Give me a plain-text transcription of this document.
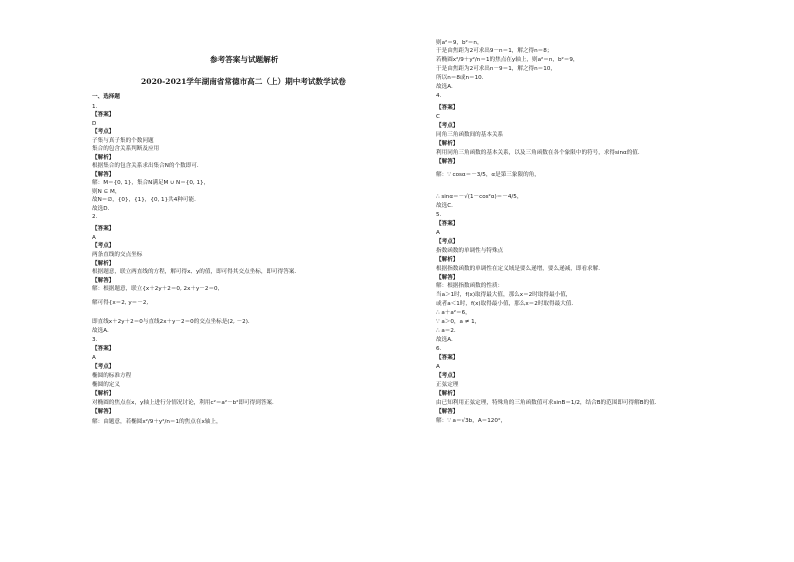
参考答案与试题解析
2020-2021学年湖南省常德市高二（上）期中考试数学试卷
一、选择题
1.
【答案】
D
【考点】
子集与真子集的个数问题
集合的包含关系判断及应用
【解析】
根据集合的包含关系求出集合N的个数即可．
【解答】
解：M＝{0, 1}，集合N满足M ∪ N＝{0, 1}，
则N ⊆ M，
故N＝∅，{0}，{1}，{0, 1}共4种可能．
故选D．
2.
【答案】
A
【考点】
两条直线的交点坐标
【解析】
根据题意，联立两直线的方程，解可得x、y的值，即可得其交点坐标，即可得答案．
【解答】
解：根据题意，联立{x＋2y＋2＝0, 2x＋y－2＝0,
解可得{x＝2, y＝－2,
即直线x＋2y＋2＝0与直线2x＋y－2＝0的交点坐标是(2, －2)．
故选A．
3.
【答案】
A
【考点】
椭圆的标准方程
椭圆的定义
【解析】
对椭圆的焦点在x，y轴上进行分情况讨论，利用c²＝a²－b²即可得到答案．
【解答】
解：由题意，若椭圆x²/9＋y²/n＝1的焦点在x轴上，
则a²＝9，b²＝n，
于是由焦距为2可求出9－n＝1，解之得n＝8；
若椭圆x²/9＋y²/n＝1的焦点在y轴上，则a²＝n，b²＝9，
于是由焦距为2可求出n－9＝1，解之得n＝10，
所以n＝8或n＝10．
故选A．
4.
【答案】
C
【考点】
同角三角函数间的基本关系
【解析】
利用同角三角函数的基本关系，以及三角函数在各个象限中的符号，求得sinα的值．
【解答】
解：∵ cosα＝－3/5，α是第三象限的角，
∴ sinα＝－√(1－cos²α)＝－4/5，
故选C．
5.
【答案】
A
【考点】
指数函数的单调性与特殊点
【解析】
根据指数函数的单调性在定义域是要么递增，要么递减，即看求解．
【解答】
解：根据指数函数的性质：
当a＞1时，f(x)取得最大值，那么x＝2时取得最小值，
或者a＜1时，f(x)取得最小值，那么x＝2时取得最大值．
∴ a＋a²＝6，
∵ a＞0，a ≠ 1，
∴ a＝2．
故选A．
6.
【答案】
A
【考点】
正弦定理
【解析】
由已知利用正弦定理，特殊角的三角函数值可求sinB＝1/2，结合B的范围即可得解B的值．
【解答】
解：∵ a＝√3b，A＝120°，
